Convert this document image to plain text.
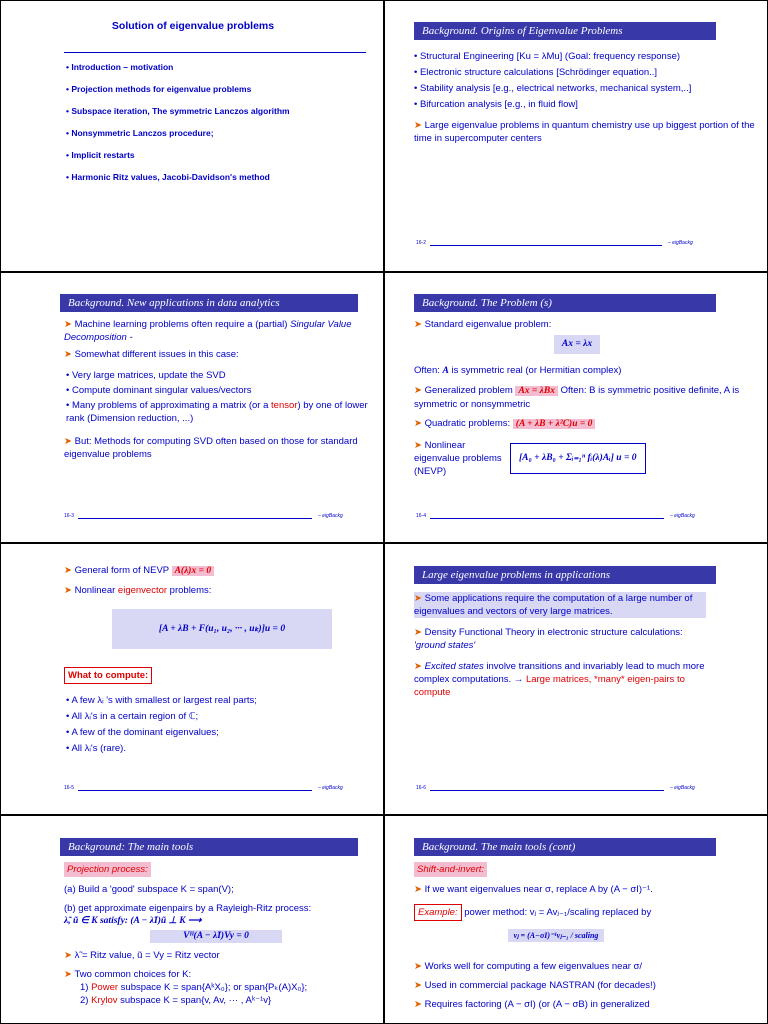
Solution of eigenvalue problems
• Introduction – motivation
• Projection methods for eigenvalue problems
• Subspace iteration, The symmetric Lanczos algorithm
• Nonsymmetric Lanczos procedure;
• Implicit restarts
• Harmonic Ritz values, Jacobi-Davidson's method
Background. Origins of Eigenvalue Problems
• Structural Engineering [Ku = λMu] (Goal: frequency response)
• Electronic structure calculations [Schrödinger equation..]
• Stability analysis [e.g., electrical networks, mechanical system,..]
• Bifurcation analysis [e.g., in fluid flow]
➤ Large eigenvalue problems in quantum chemistry use up biggest portion of the time in supercomputer centers
16-2	– eigBackg
Background. New applications in data analytics
➤ Machine learning problems often require a (partial) Singular Value Decomposition -
➤ Somewhat different issues in this case:
• Very large matrices, update the SVD
• Compute dominant singular values/vectors
• Many problems of approximating a matrix (or a tensor) by one of lower rank (Dimension reduction, ...)
➤ But: Methods for computing SVD often based on those for standard eigenvalue problems
16-3	– eigBackg
Background. The Problem (s)
➤ Standard eigenvalue problem:
Ax = λx
Often: A is symmetric real (or Hermitian complex)
➤ Generalized problem Ax = λBx Often: B is symmetric positive definite, A is symmetric or nonsymmetric
➤ Quadratic problems: (A + λB + λ²C)u = 0
➤ Nonlinear eigenvalue problems (NEVP)
[A₀ + λB₀ + Σᵢ₌₁ⁿ fᵢ(λ)Aᵢ] u = 0
16-4	– eigBackg
➤ General form of NEVP A(λ)x = 0
➤ Nonlinear eigenvector problems:
[A + λB + F(u₁, u₂, ··· , uₖ)]u = 0
What to compute:
• A few λᵢ 's with smallest or largest real parts;
• All λᵢ's in a certain region of ℂ;
• A few of the dominant eigenvalues;
• All λᵢ's (rare).
16-5	– eigBackg
Large eigenvalue problems in applications
➤ Some applications require the computation of a large number of eigenvalues and vectors of very large matrices.
➤ Density Functional Theory in electronic structure calculations: 'ground states'
➤ Excited states involve transitions and invariably lead to much more complex computations. → Large matrices, *many* eigen-pairs to compute
16-6	– eigBackg
Background: The main tools
Projection process:
(a) Build a 'good' subspace K = span(V);
(b) get approximate eigenpairs by a Rayleigh-Ritz process:
λ̃, ũ ∈ K satisfy: (A − λ̃I)ũ ⊥ K ⟶
Vᴴ(A − λ̃I)Vy = 0
➤ λ̃ = Ritz value, ũ = Vy = Ritz vector
➤ Two common choices for K:
1) Power subspace K = span{AᵏX₀}; or span{Pₖ(A)X₀};
2) Krylov subspace K = span{v, Av, ··· , Aᵏ⁻¹v}
Background. The main tools (cont)
Shift-and-invert:
➤ If we want eigenvalues near σ, replace A by (A − σI)⁻¹.
Example: power method: vⱼ = Avⱼ₋₁/scaling replaced by
vⱼ = (A−σI)⁻¹vⱼ₋₁ / scaling
➤ Works well for computing a few eigenvalues near σ/
➤ Used in commercial package NASTRAN (for decades!)
➤ Requires factoring (A − σI) (or (A − σB) in generalized
